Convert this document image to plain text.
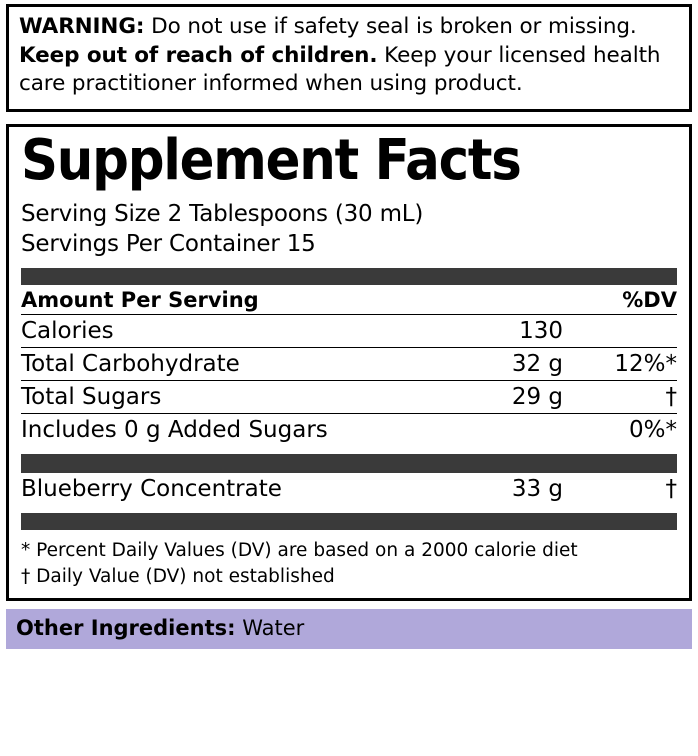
WARNING: Do not use if safety seal is broken or missing. Keep out of reach of children. Keep your licensed health care practitioner informed when using product.
Supplement Facts
Serving Size 2 Tablespoons (30 mL)
Servings Per Container 15
Amount Per Serving		%DV
Calories	130	
Total Carbohydrate	32 g	12%*
Total Sugars	29 g	†
Includes 0 g Added Sugars		0%*
Blueberry Concentrate	33 g	†
* Percent Daily Values (DV) are based on a 2000 calorie diet
† Daily Value (DV) not established
Other Ingredients: Water
